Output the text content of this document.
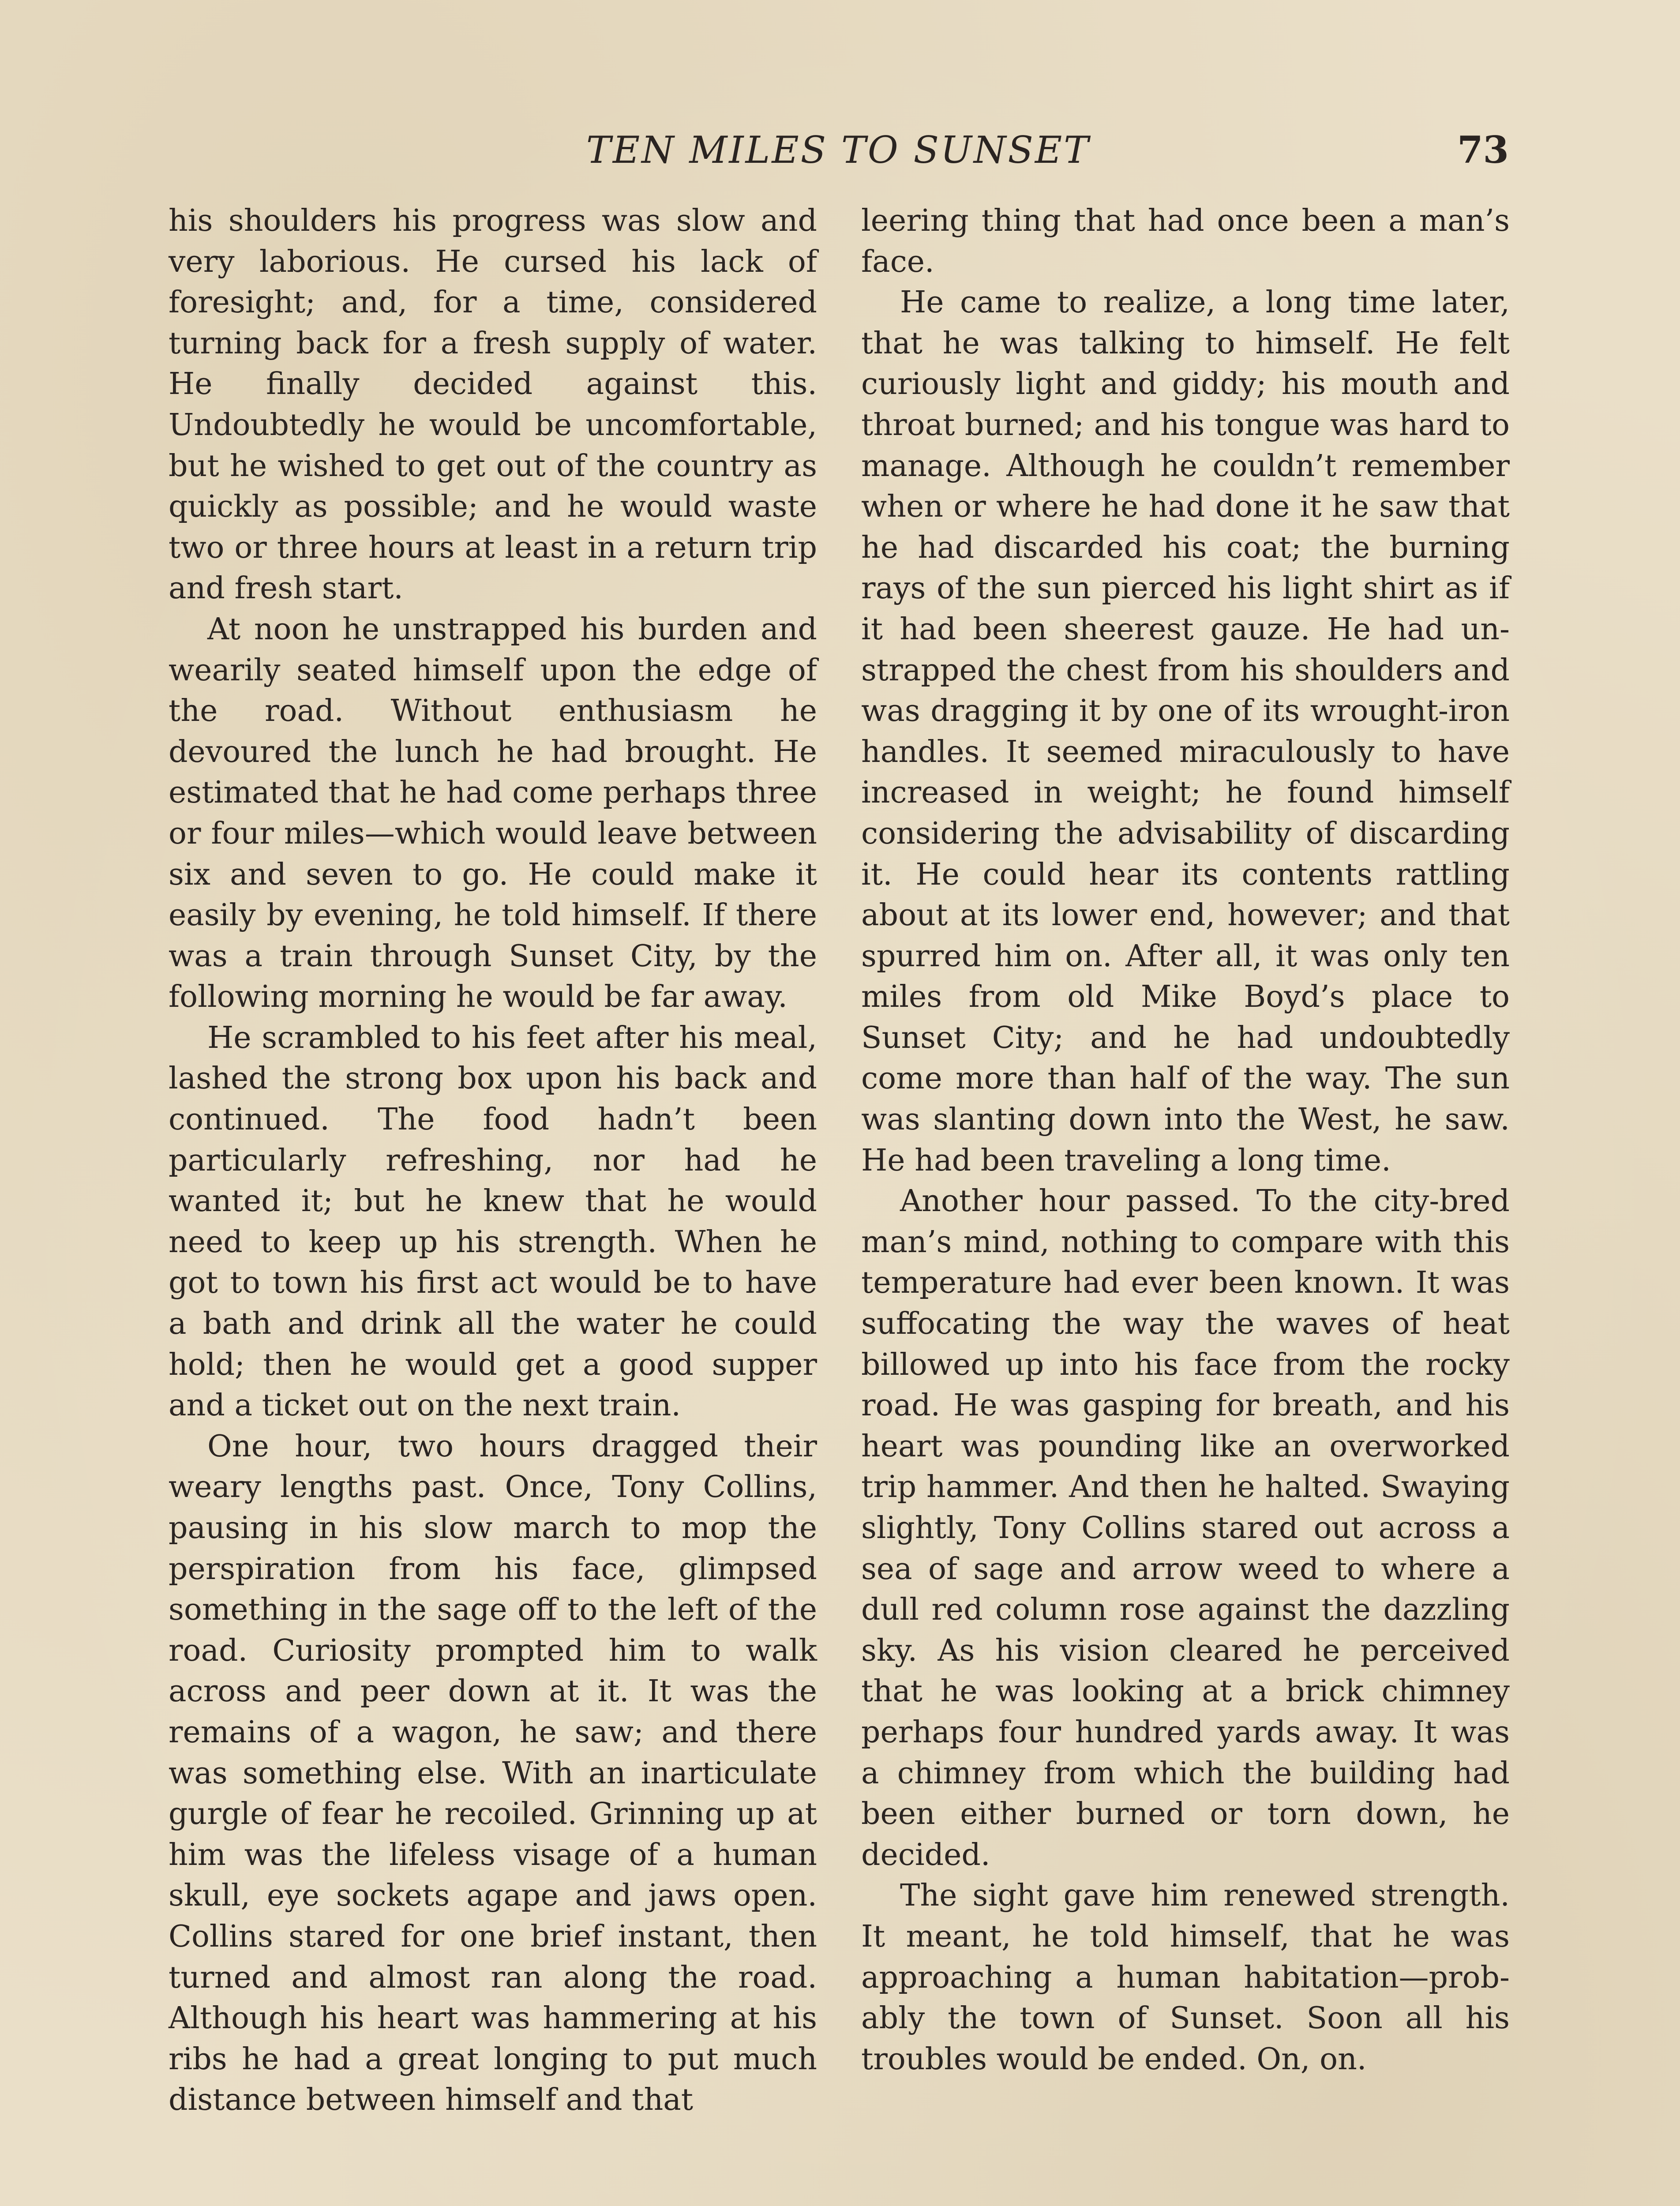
TEN MILES TO SUNSET	73

his shoulders his progress was slow and very laborious. He cursed his lack of foresight; and, for a time, considered turning back for a fresh supply of water. He finally decided against this. Undoubtedly he would be uncomfortable, but he wished to get out of the country as quickly as possible; and he would waste two or three hours at least in a return trip and fresh start.

At noon he unstrapped his burden and wearily seated himself upon the edge of the road. Without enthusiasm he devoured the lunch he had brought. He estimated that he had come perhaps three or four miles—which would leave between six and seven to go. He could make it easily by evening, he told himself. If there was a train through Sunset City, by the following morning he would be far away.

He scrambled to his feet after his meal, lashed the strong box upon his back and continued. The food hadn’t been particularly refreshing, nor had he wanted it; but he knew that he would need to keep up his strength. When he got to town his first act would be to have a bath and drink all the water he could hold; then he would get a good supper and a ticket out on the next train.

One hour, two hours dragged their weary lengths past. Once, Tony Collins, pausing in his slow march to mop the perspiration from his face, glimpsed something in the sage off to the left of the road. Curiosity prompted him to walk across and peer down at it. It was the remains of a wagon, he saw; and there was something else. With an inarticulate gurgle of fear he recoiled. Grinning up at him was the lifeless visage of a human skull, eye sockets agape and jaws open. Collins stared for one brief instant, then turned and almost ran along the road. Although his heart was hammering at his ribs he had a great longing to put much distance between himself and that

leering thing that had once been a man’s face.

He came to realize, a long time later, that he was talking to himself. He felt curiously light and giddy; his mouth and throat burned; and his tongue was hard to manage. Although he couldn’t remember when or where he had done it he saw that he had discarded his coat; the burning rays of the sun pierced his light shirt as if it had been sheerest gauze. He had unstrapped the chest from his shoulders and was dragging it by one of its wrought-iron handles. It seemed miraculously to have increased in weight; he found himself considering the advisability of discarding it. He could hear its contents rattling about at its lower end, however; and that spurred him on. After all, it was only ten miles from old Mike Boyd’s place to Sunset City; and he had undoubtedly come more than half of the way. The sun was slanting down into the West, he saw. He had been traveling a long time.

Another hour passed. To the city-bred man’s mind, nothing to compare with this temperature had ever been known. It was suffocating the way the waves of heat billowed up into his face from the rocky road. He was gasping for breath, and his heart was pounding like an overworked trip hammer. And then he halted. Swaying slightly, Tony Collins stared out across a sea of sage and arrow weed to where a dull red column rose against the dazzling sky. As his vision cleared he perceived that he was looking at a brick chimney perhaps four hundred yards away. It was a chimney from which the building had been either burned or torn down, he decided.

The sight gave him renewed strength. It meant, he told himself, that he was approaching a human habitation—probably the town of Sunset. Soon all his troubles would be ended. On, on.
